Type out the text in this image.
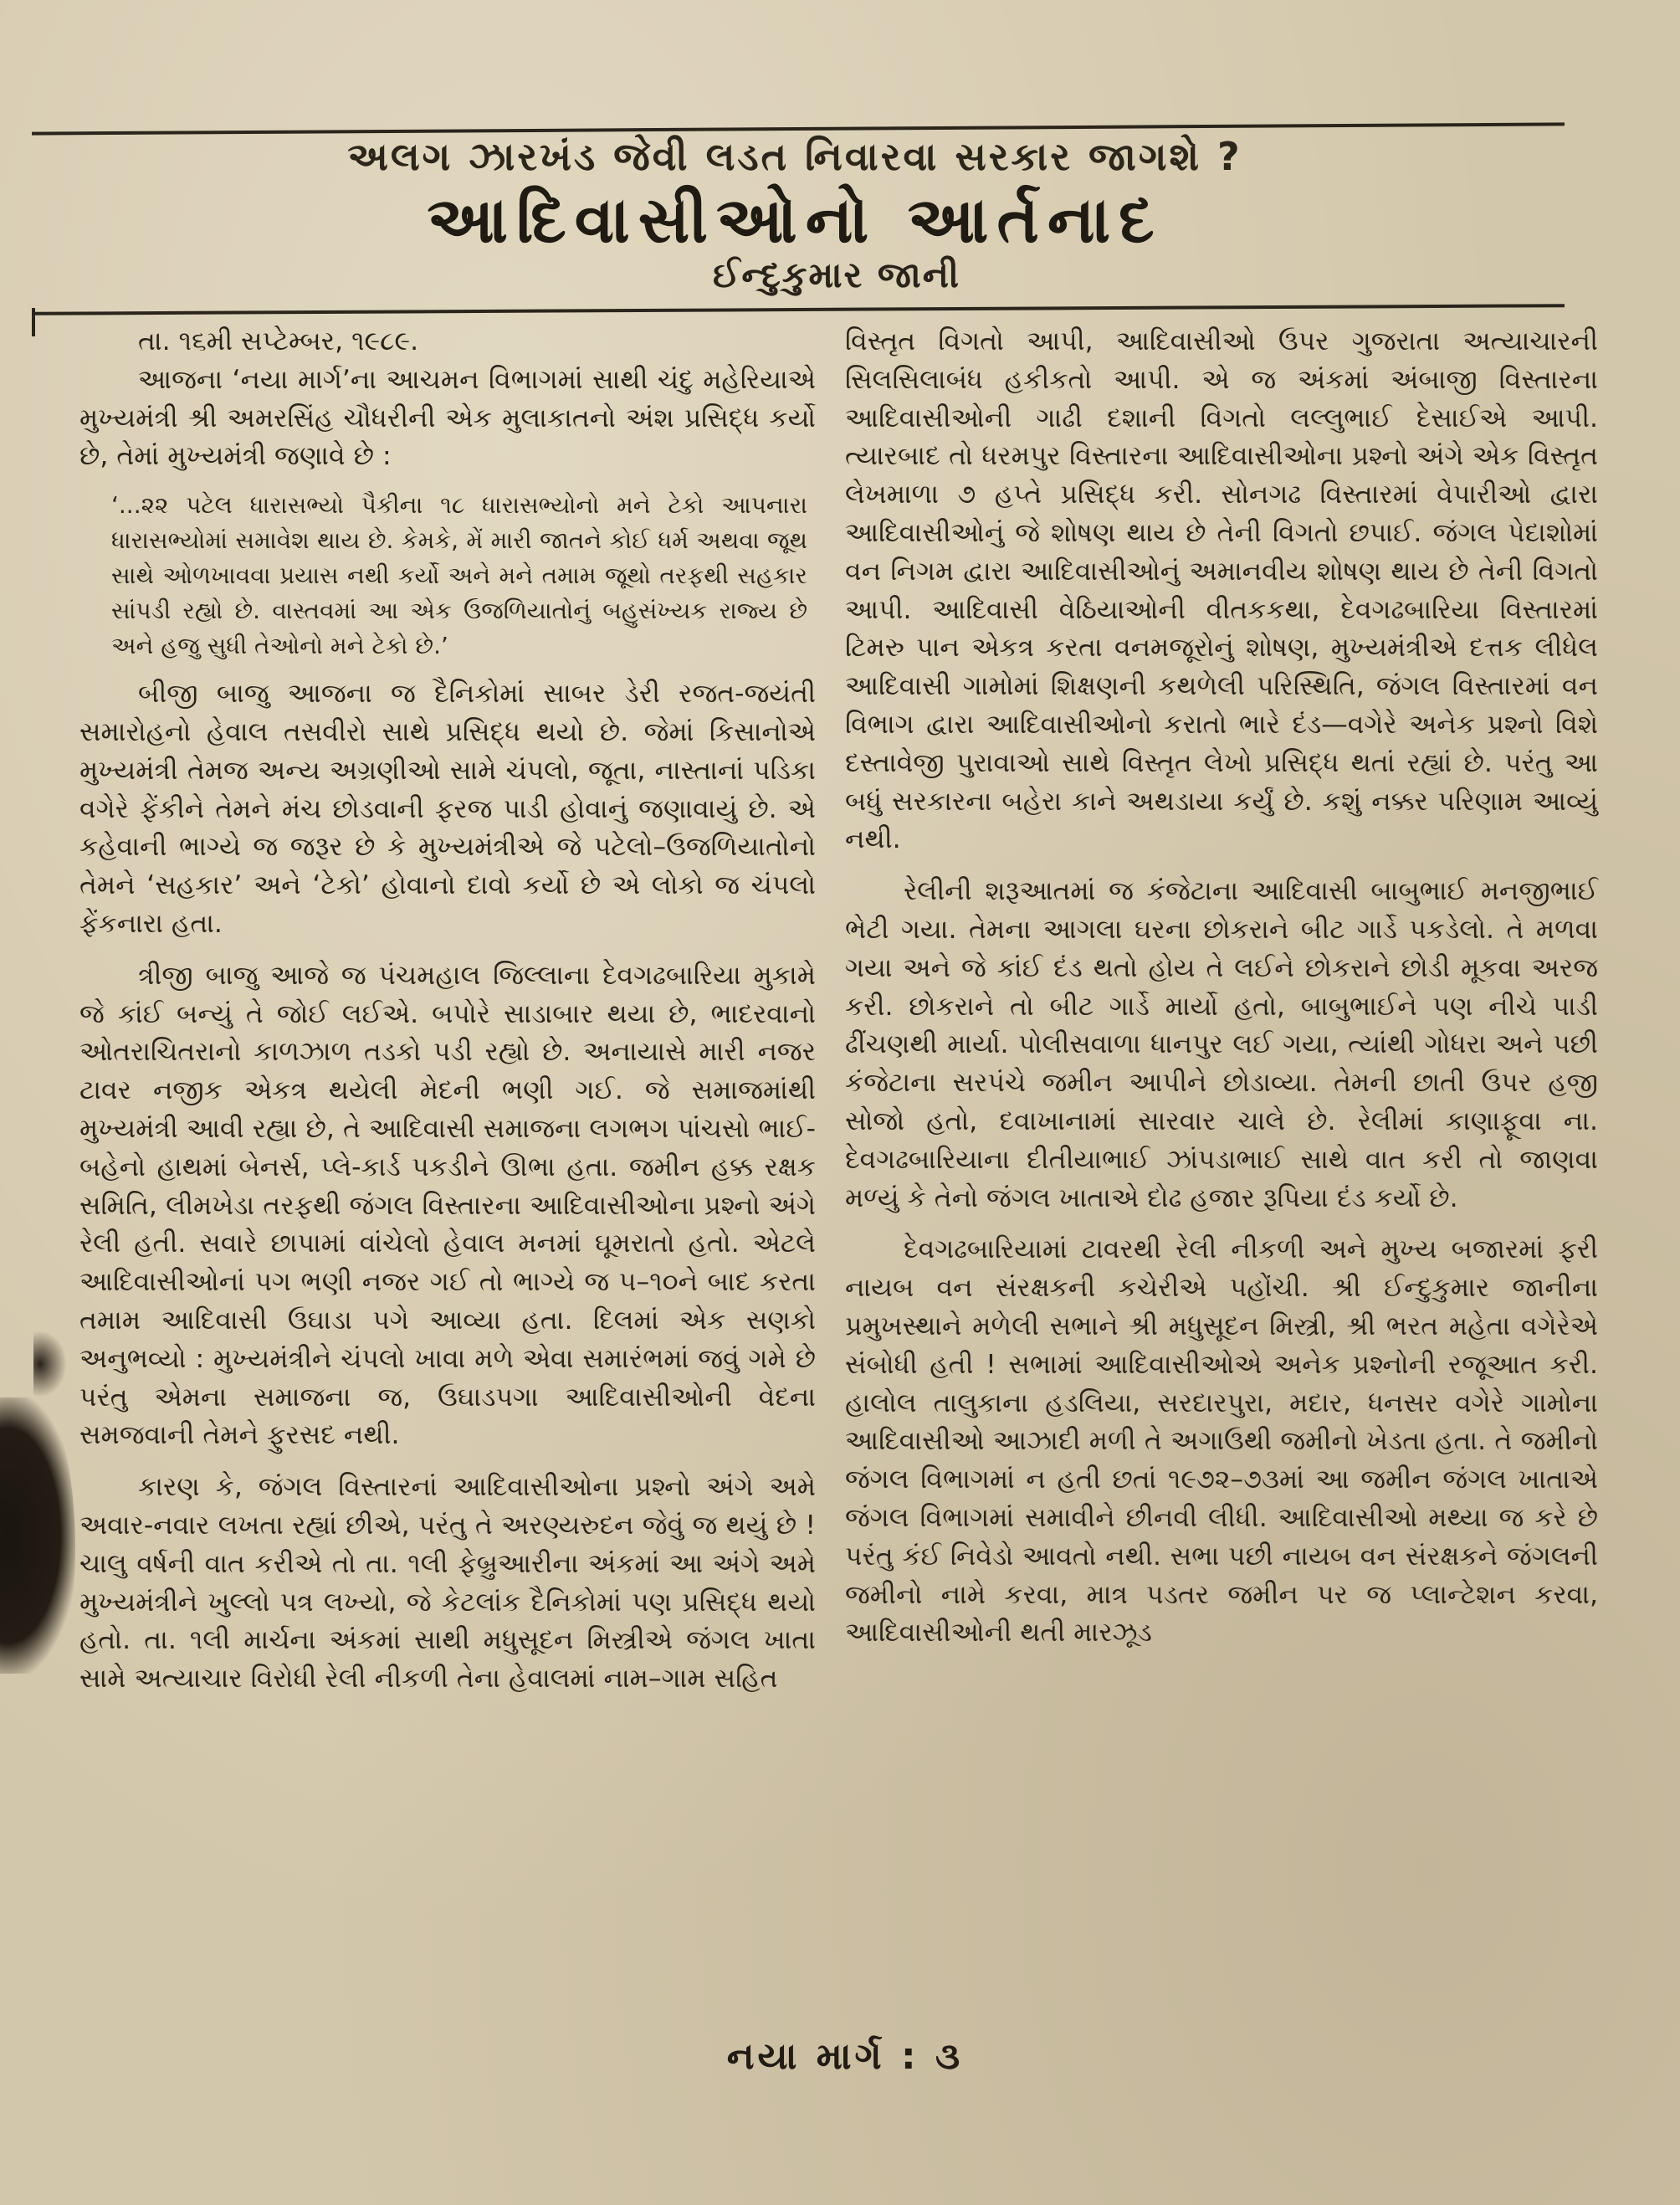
અલગ ઝારખંડ જેવી લડત નિવારવા સરકાર જાગશે ?
આદિવાસીઓનો આર્તનાદ
ઈન્દુકુમાર જાની

તા. ૧૬મી સપ્ટેમ્બર, ૧૯૮૯.

આજના ‘નયા માર્ગ’ના આચમન વિભાગમાં સાથી ચંદુ મહેરિયાએ મુખ્યમંત્રી શ્રી અમરસિંહ ચૌધરીની એક મુલાકાતનો અંશ પ્રસિદ્ધ કર્યો છે, તેમાં મુખ્યમંત્રી જણાવે છે :

‘...૨૨ પટેલ ધારાસભ્યો પૈકીના ૧૮ ધારાસભ્યોનો મને ટેકો આપનારા ધારાસભ્યોમાં સમાવેશ થાય છે. કેમકે, મેં મારી જાતને કોઈ ધર્મ અથવા જૂથ સાથે ઓળખાવવા પ્રયાસ નથી કર્યો અને મને તમામ જૂથો તરફથી સહકાર સાંપડી રહ્યો છે. વાસ્તવમાં આ એક ઉજળિયાતોનું બહુસંખ્યક રાજ્ય છે અને હજુ સુધી તેઓનો મને ટેકો છે.’

બીજી બાજુ આજના જ દૈનિકોમાં સાબર ડેરી રજત-જયંતી સમારોહનો હેવાલ તસવીરો સાથે પ્રસિદ્ધ થયો છે. જેમાં કિસાનોએ મુખ્યમંત્રી તેમજ અન્ય અગ્રણીઓ સામે ચંપલો, જૂતા, નાસ્તાનાં પડિકા વગેરે ફેંકીને તેમને મંચ છોડવાની ફરજ પાડી હોવાનું જણાવાયું છે. એ કહેવાની ભાગ્યે જ જરૂર છે કે મુખ્યમંત્રીએ જે પટેલો–ઉજળિયાતોનો તેમને ‘સહકાર’ અને ‘ટેકો’ હોવાનો દાવો કર્યો છે એ લોકો જ ચંપલો ફેંકનારા હતા.

ત્રીજી બાજુ આજે જ પંચમહાલ જિલ્લાના દેવગઢબારિયા મુકામે જે કાંઈ બન્યું તે જોઈ લઈએ. બપોરે સાડાબાર થયા છે, ભાદરવાનો ઓતરાચિતરાનો કાળઝાળ તડકો પડી રહ્યો છે. અનાયાસે મારી નજર ટાવર નજીક એકત્ર થયેલી મેદની ભણી ગઈ. જે સમાજમાંથી મુખ્યમંત્રી આવી રહ્યા છે, તે આદિવાસી સમાજના લગભગ પાંચસો ભાઈ-બહેનો હાથમાં બેનર્સ, પ્લે-કાર્ડ પકડીને ઊભા હતા. જમીન હક્ક રક્ષક સમિતિ, લીમખેડા તરફથી જંગલ વિસ્તારના આદિવાસીઓના પ્રશ્નો અંગે રેલી હતી. સવારે છાપામાં વાંચેલો હેવાલ મનમાં ઘૂમરાતો હતો. એટલે આદિવાસીઓનાં પગ ભણી નજર ગઈ તો ભાગ્યે જ ૫–૧૦ને બાદ કરતા તમામ આદિવાસી ઉઘાડા પગે આવ્યા હતા. દિલમાં એક સણકો અનુભવ્યો : મુખ્યમંત્રીને ચંપલો ખાવા મળે એવા સમારંભમાં જવું ગમે છે પરંતુ એમના સમાજના જ, ઉઘાડપગા આદિવાસીઓની વેદના સમજવાની તેમને ફુરસદ નથી.

કારણ કે, જંગલ વિસ્તારનાં આદિવાસીઓના પ્રશ્નો અંગે અમે અવાર-નવાર લખતા રહ્યાં છીએ, પરંતુ તે અરણ્યરુદન જેવું જ થયું છે ! ચાલુ વર્ષની વાત કરીએ તો તા. ૧લી ફેબ્રુઆરીના અંકમાં આ અંગે અમે મુખ્યમંત્રીને ખુલ્લો પત્ર લખ્યો, જે કેટલાંક દૈનિકોમાં પણ પ્રસિદ્ધ થયો હતો. તા. ૧લી માર્ચના અંકમાં સાથી મધુસૂદન મિસ્ત્રીએ જંગલ ખાતા સામે અત્યાચાર વિરોધી રેલી નીકળી તેના હેવાલમાં નામ–ગામ સહિત

વિસ્તૃત વિગતો આપી, આદિવાસીઓ ઉપર ગુજરાતા અત્યાચારની સિલસિલાબંધ હકીકતો આપી. એ જ અંકમાં અંબાજી વિસ્તારના આદિવાસીઓની ગાઢી દશાની વિગતો લલ્લુભાઈ દેસાઈએ આપી. ત્યારબાદ તો ધરમપુર વિસ્તારના આદિવાસીઓના પ્રશ્નો અંગે એક વિસ્તૃત લેખમાળા ૭ હપ્તે પ્રસિદ્ધ કરી. સોનગઢ વિસ્તારમાં વેપારીઓ દ્વારા આદિવાસીઓનું જે શોષણ થાય છે તેની વિગતો છપાઈ. જંગલ પેદાશોમાં વન નિગમ દ્વારા આદિવાસીઓનું અમાનવીય શોષણ થાય છે તેની વિગતો આપી. આદિવાસી વેઠિયાઓની વીતકકથા, દેવગઢબારિયા વિસ્તારમાં ટિમરુ પાન એકત્ર કરતા વનમજૂરોનું શોષણ, મુખ્યમંત્રીએ દત્તક લીધેલ આદિવાસી ગામોમાં શિક્ષણની કથળેલી પરિસ્થિતિ, જંગલ વિસ્તારમાં વન વિભાગ દ્વારા આદિવાસીઓનો કરાતો ભારે દંડ—વગેરે અનેક પ્રશ્નો વિશે દસ્તાવેજી પુરાવાઓ સાથે વિસ્તૃત લેખો પ્રસિદ્ધ થતાં રહ્યાં છે. પરંતુ આ બધું સરકારના બહેરા કાને અથડાયા કર્યું છે. કશું નક્કર પરિણામ આવ્યું નથી.

રેલીની શરૂઆતમાં જ કંજેટાના આદિવાસી બાબુભાઈ મનજીભાઈ ભેટી ગયા. તેમના આગલા ઘરના છોકરાને બીટ ગાર્ડે પકડેલો. તે મળવા ગયા અને જે કાંઈ દંડ થતો હોય તે લઈને છોકરાને છોડી મૂકવા અરજ કરી. છોકરાને તો બીટ ગાર્ડે માર્યો હતો, બાબુભાઈને પણ નીચે પાડી ઢીંચણથી માર્યા. પોલીસવાળા ધાનપુર લઈ ગયા, ત્યાંથી ગોધરા અને પછી કંજેટાના સરપંચે જમીન આપીને છોડાવ્યા. તેમની છાતી ઉપર હજી સોજો હતો, દવાખાનામાં સારવાર ચાલે છે. રેલીમાં કાણાફૂવા ના. દેવગઢબારિયાના દીતીયાભાઈ ઝાંપડાભાઈ સાથે વાત કરી તો જાણવા મળ્યું કે તેનો જંગલ ખાતાએ દોઢ હજાર રૂપિયા દંડ કર્યો છે.

દેવગઢબારિયામાં ટાવરથી રેલી નીકળી અને મુખ્ય બજારમાં ફરી નાયબ વન સંરક્ષકની કચેરીએ પહોંચી. શ્રી ઈન્દુકુમાર જાનીના પ્રમુખસ્થાને મળેલી સભાને શ્રી મધુસૂદન મિસ્ત્રી, શ્રી ભરત મહેતા વગેરેએ સંબોધી હતી ! સભામાં આદિવાસીઓએ અનેક પ્રશ્નોની રજૂઆત કરી. હાલોલ તાલુકાના હડલિયા, સરદારપુરા, મદાર, ધનસર વગેરે ગામોના આદિવાસીઓ આઝાદી મળી તે અગાઉથી જમીનો ખેડતા હતા. તે જમીનો જંગલ વિભાગમાં ન હતી છતાં ૧૯૭૨–૭૩માં આ જમીન જંગલ ખાતાએ જંગલ વિભાગમાં સમાવીને છીનવી લીધી. આદિવાસીઓ મથ્યા જ કરે છે પરંતુ કંઈ નિવેડો આવતો નથી. સભા પછી નાયબ વન સંરક્ષકને જંગલની જમીનો નામે કરવા, માત્ર પડતર જમીન પર જ પ્લાન્ટેશન કરવા, આદિવાસીઓની થતી મારઝૂડ

નયા માર્ગ : ૩
